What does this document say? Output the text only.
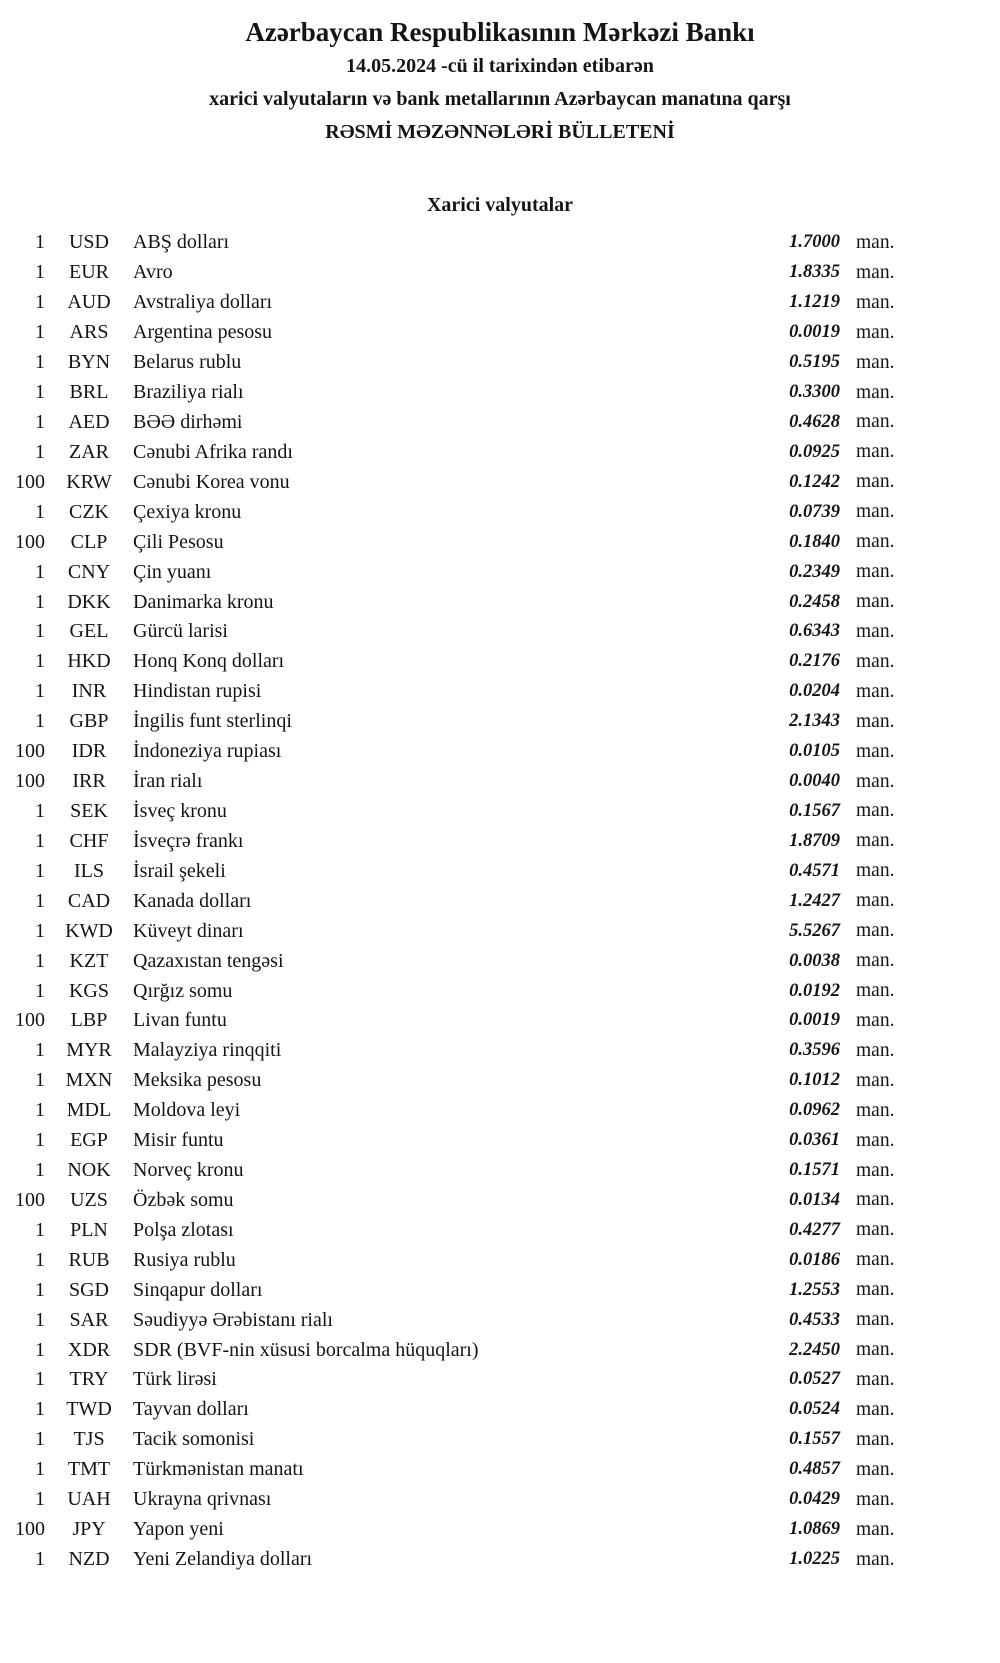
Azərbaycan Respublikasının Mərkəzi Bankı

14.05.2024 -cü il tarixindən etibarən

xarici valyutaların və bank metallarının Azərbaycan manatına qarşı

RƏSMİ MƏZƏNNƏLƏRİ BÜLLETENİ

Xarici valyutalar

1	USD	ABŞ dolları	1.7000 man.
1	EUR	Avro	1.8335 man.
1	AUD	Avstraliya dolları	1.1219 man.
1	ARS	Argentina pesosu	0.0019 man.
1	BYN	Belarus rublu	0.5195 man.
1	BRL	Braziliya rialı	0.3300 man.
1	AED	BƏƏ dirhəmi	0.4628 man.
1	ZAR	Cənubi Afrika randı	0.0925 man.
100	KRW	Cənubi Korea vonu	0.1242 man.
1	CZK	Çexiya kronu	0.0739 man.
100	CLP	Çili Pesosu	0.1840 man.
1	CNY	Çin yuanı	0.2349 man.
1	DKK	Danimarka kronu	0.2458 man.
1	GEL	Gürcü larisi	0.6343 man.
1	HKD	Honq Konq dolları	0.2176 man.
1	INR	Hindistan rupisi	0.0204 man.
1	GBP	İngilis funt sterlinqi	2.1343 man.
100	IDR	İndoneziya rupiası	0.0105 man.
100	IRR	İran rialı	0.0040 man.
1	SEK	İsveç kronu	0.1567 man.
1	CHF	İsveçrə frankı	1.8709 man.
1	ILS	İsrail şekeli	0.4571 man.
1	CAD	Kanada dolları	1.2427 man.
1	KWD	Küveyt dinarı	5.5267 man.
1	KZT	Qazaxıstan tengəsi	0.0038 man.
1	KGS	Qırğız somu	0.0192 man.
100	LBP	Livan funtu	0.0019 man.
1	MYR	Malayziya rinqqiti	0.3596 man.
1	MXN	Meksika pesosu	0.1012 man.
1	MDL	Moldova leyi	0.0962 man.
1	EGP	Misir funtu	0.0361 man.
1	NOK	Norveç kronu	0.1571 man.
100	UZS	Özbək somu	0.0134 man.
1	PLN	Polşa zlotası	0.4277 man.
1	RUB	Rusiya rublu	0.0186 man.
1	SGD	Sinqapur dolları	1.2553 man.
1	SAR	Səudiyyə Ərəbistanı rialı	0.4533 man.
1	XDR	SDR (BVF-nin xüsusi borcalma hüquqları)	2.2450 man.
1	TRY	Türk lirəsi	0.0527 man.
1	TWD	Tayvan dolları	0.0524 man.
1	TJS	Tacik somonisi	0.1557 man.
1	TMT	Türkmənistan manatı	0.4857 man.
1	UAH	Ukrayna qrivnası	0.0429 man.
100	JPY	Yapon yeni	1.0869 man.
1	NZD	Yeni Zelandiya dolları	1.0225 man.
